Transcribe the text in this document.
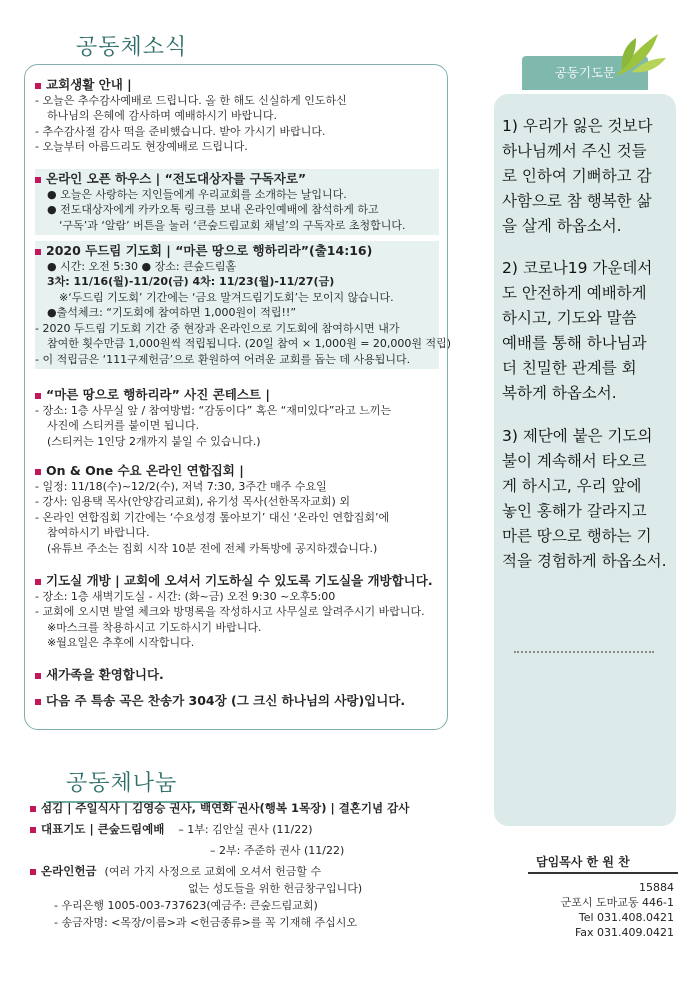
공동체소식
교회생활 안내 |
- 오늘은 추수감사예배로 드립니다. 올 한 해도 신실하게 인도하신
하나님의 은혜에 감사하며 예배하시기 바랍니다.
- 추수감사절 감사 떡을 준비했습니다. 받아 가시기 바랍니다.
- 오늘부터 아름드리도 현장예배로 드립니다.
온라인 오픈 하우스 | “전도대상자를 구독자로”
● 오늘은 사랑하는 지인들에게 우리교회를 소개하는 날입니다.
● 전도대상자에게 카카오톡 링크를 보내 온라인예배에 참석하게 하고
‘구독’과 ‘알람’ 버튼을 눌러 ‘큰숲드림교회 채널’의 구독자로 초청합니다.
2020 두드림 기도회 | “마른 땅으로 행하리라”(출14:16)
● 시간: 오전 5:30 ● 장소: 큰숲드림홀
3차: 11/16(월)-11/20(금) 4차: 11/23(월)-11/27(금)
※‘두드림 기도회’ 기간에는 ‘금요 말겨드림기도회’는 모이지 않습니다.
●출석체크: “기도회에 참여하면 1,000원이 적립!!”
- 2020 두드림 기도회 기간 중 현장과 온라인으로 기도회에 참여하시면 내가
참여한 횟수만큼 1,000원씩 적립됩니다. (20일 참여 × 1,000원 = 20,000원 적립)
- 이 적립금은 ‘111구제헌금’으로 환원하여 어려운 교회를 돕는 데 사용됩니다.
“마른 땅으로 행하리라” 사진 콘테스트 |
- 장소: 1층 사무실 앞 / 참여방법: “감동이다” 혹은 “재미있다”라고 느끼는
사진에 스티커를 붙이면 됩니다.
(스티커는 1인당 2개까지 붙일 수 있습니다.)
On & One 수요 온라인 연합집회 |
- 일정: 11/18(수)~12/2(수), 저녁 7:30, 3주간 매주 수요일
- 강사: 임용택 목사(안양감리교회), 유기성 목사(선한목자교회) 외
- 온라인 연합집회 기간에는 ‘수요성경 톺아보기’ 대신 ‘온라인 연합집회’에
참여하시기 바랍니다.
(유튜브 주소는 집회 시작 10분 전에 전체 카톡방에 공지하겠습니다.)
기도실 개방 | 교회에 오셔서 기도하실 수 있도록 기도실을 개방합니다.
- 장소: 1층 새벽기도실 - 시간: (화~금) 오전 9:30 ~오후5:00
- 교회에 오시면 발열 체크와 방명록을 작성하시고 사무실로 알려주시기 바랍니다.
※마스크를 착용하시고 기도하시기 바랍니다.
※월요일은 추후에 시작합니다.
새가족을 환영합니다.
다음 주 특송 곡은 찬송가 304장 (그 크신 하나님의 사랑)입니다.
공동체나눔
섬김 | 주일식사 | 김영승 권사, 백연화 권사(행복 1목장) | 결혼기념 감사
대표기도 | 큰숲드림예배 – 1부: 김안실 권사 (11/22)
– 2부: 주준하 권사 (11/22)
온라인헌금 (여러 가지 사정으로 교회에 오셔서 헌금할 수
없는 성도들을 위한 헌금창구입니다)
- 우리은행 1005-003-737623(예금주: 큰숲드림교회)
- 송금자명: <목장/이름>과 <헌금종류>를 꼭 기재해 주십시오
공동기도문
1) 우리가 잃은 것보다
하나님께서 주신 것들
로 인하여 기뻐하고 감
사함으로 참 행복한 삶
을 살게 하옵소서.
2) 코로나19 가운데서
도 안전하게 예배하게
하시고, 기도와 말씀
예배를 통해 하나님과
더 친밀한 관계를 회
복하게 하옵소서.
3) 제단에 붙은 기도의
불이 계속해서 타오르
게 하시고, 우리 앞에
놓인 홍해가 갈라지고
마른 땅으로 행하는 기
적을 경험하게 하옵소서.
담임목사 한 원 찬
15884
군포시 도마교동 446-1
Tel 031.408.0421
Fax 031.409.0421
